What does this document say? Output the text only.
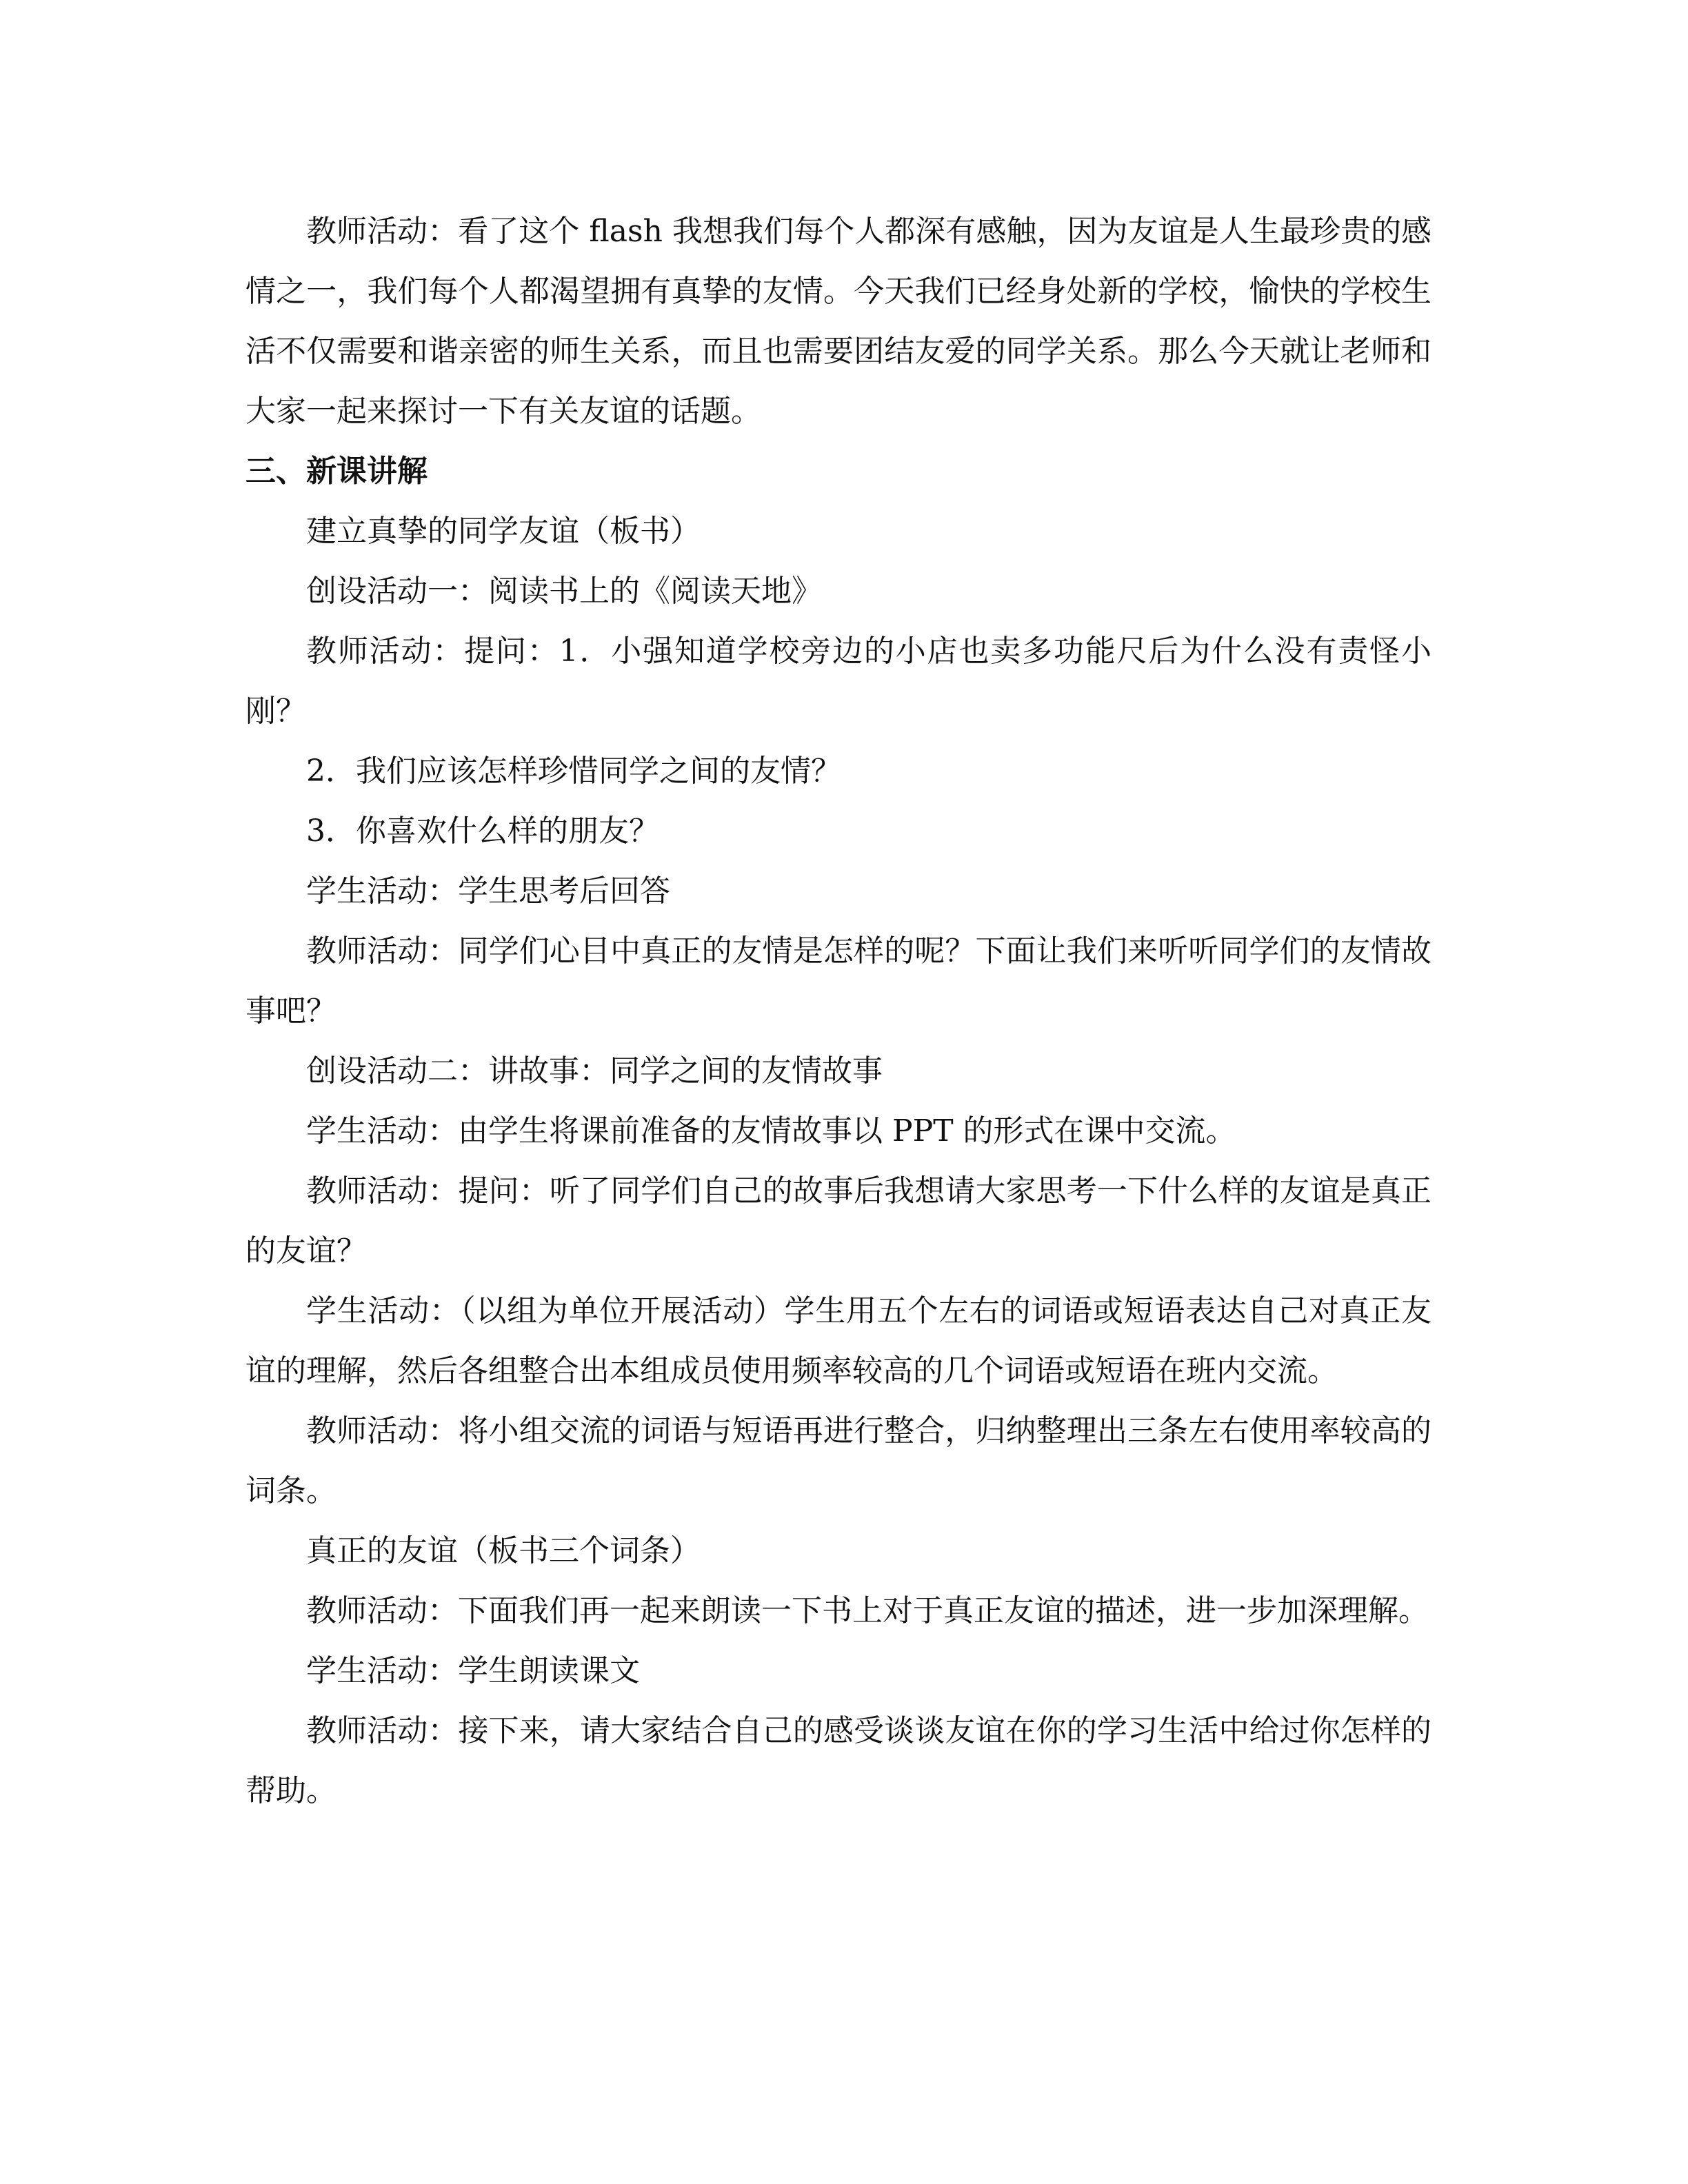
教师活动：看了这个 flash 我想我们每个人都深有感触，因为友谊是人生最珍贵的感情之一，我们每个人都渴望拥有真挚的友情。今天我们已经身处新的学校，愉快的学校生活不仅需要和谐亲密的师生关系，而且也需要团结友爱的同学关系。那么今天就让老师和大家一起来探讨一下有关友谊的话题。

三、新课讲解

建立真挚的同学友谊（板书）

创设活动一：阅读书上的《阅读天地》

教师活动：提问：1．小强知道学校旁边的小店也卖多功能尺后为什么没有责怪小刚？

2．我们应该怎样珍惜同学之间的友情？

3．你喜欢什么样的朋友？

学生活动：学生思考后回答

教师活动：同学们心目中真正的友情是怎样的呢？下面让我们来听听同学们的友情故事吧？

创设活动二：讲故事：同学之间的友情故事

学生活动：由学生将课前准备的友情故事以 PPT 的形式在课中交流。

教师活动：提问：听了同学们自己的故事后我想请大家思考一下什么样的友谊是真正的友谊？

学生活动：（以组为单位开展活动）学生用五个左右的词语或短语表达自己对真正友谊的理解，然后各组整合出本组成员使用频率较高的几个词语或短语在班内交流。

教师活动：将小组交流的词语与短语再进行整合，归纳整理出三条左右使用率较高的词条。

真正的友谊（板书三个词条）

教师活动：下面我们再一起来朗读一下书上对于真正友谊的描述，进一步加深理解。

学生活动：学生朗读课文

教师活动：接下来，请大家结合自己的感受谈谈友谊在你的学习生活中给过你怎样的帮助。
